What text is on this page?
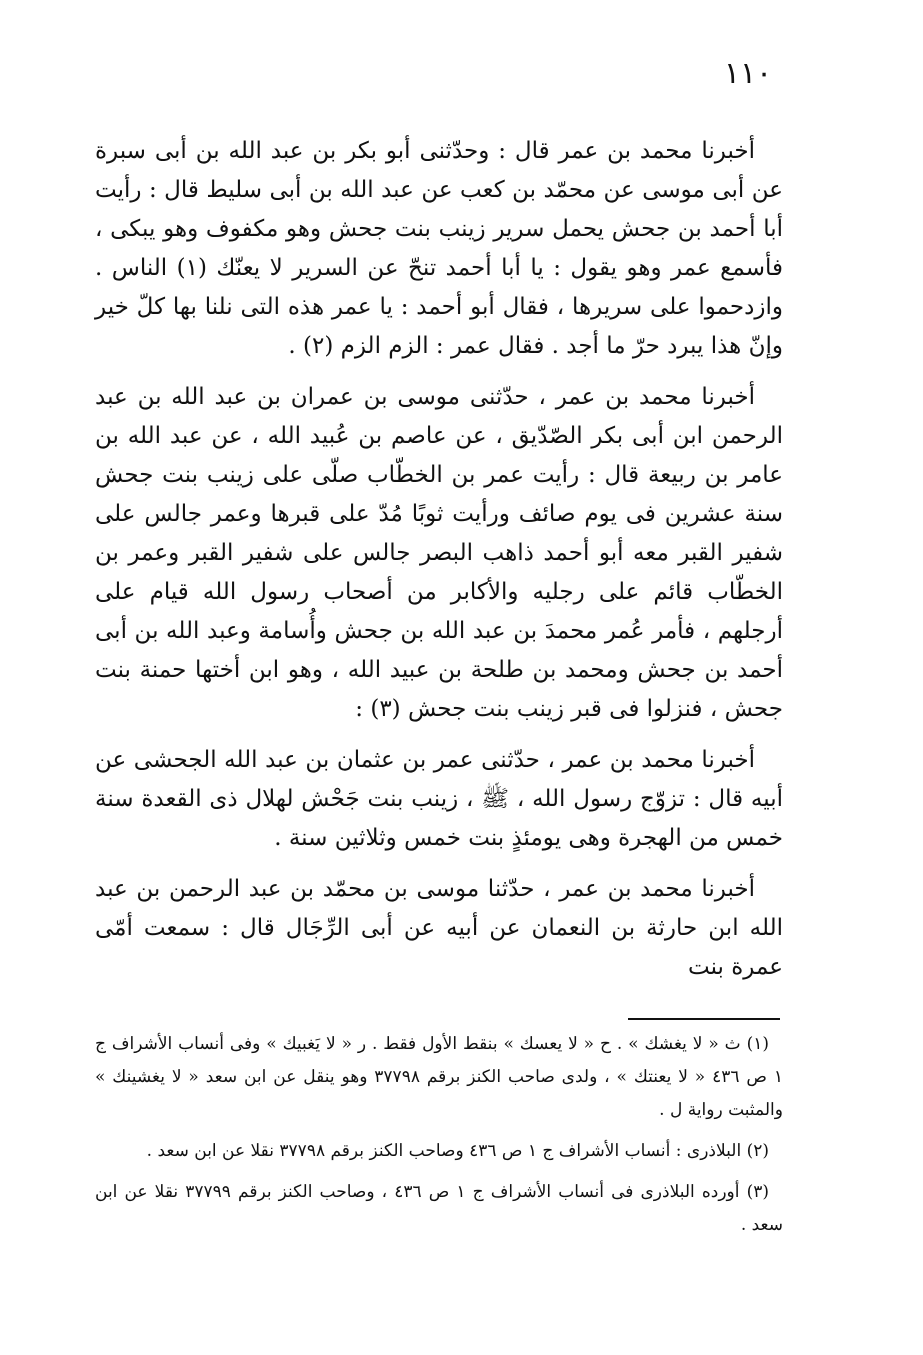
١١٠

أخبرنا محمد بن عمر قال : وحدّثنى أبو بكر بن عبد الله بن أبى سبرة عن أبى موسى عن محمّد بن كعب عن عبد الله بن أبى سليط قال : رأيت أبا أحمد بن جحش يحمل سرير زينب بنت جحش وهو مكفوف وهو يبكى ، فأسمع عمر وهو يقول : يا أبا أحمد تنحّ عن السرير لا يعنّك (١) الناس . وازدحموا على سريرها ، فقال أبو أحمد : يا عمر هذه التى نلنا بها كلّ خير وإنّ هذا يبرد حرّ ما أجد . فقال عمر : الزم الزم (٢) .

أخبرنا محمد بن عمر ، حدّثنى موسى بن عمران بن عبد الله بن عبد الرحمن ابن أبى بكر الصّدّيق ، عن عاصم بن عُبيد الله ، عن عبد الله بن عامر بن ربيعة قال : رأيت عمر بن الخطّاب صلّى على زينب بنت جحش سنة عشرين فى يوم صائف ورأيت ثوبًا مُدّ على قبرها وعمر جالس على شفير القبر معه أبو أحمد ذاهب البصر جالس على شفير القبر وعمر بن الخطّاب قائم على رجليه والأكابر من أصحاب رسول الله قيام على أرجلهم ، فأمر عُمر محمدَ بن عبد الله بن جحش وأُسامة وعبد الله بن أبى أحمد بن جحش ومحمد بن طلحة بن عبيد الله ، وهو ابن أختها حمنة بنت جحش ، فنزلوا فى قبر زينب بنت جحش (٣) :

أخبرنا محمد بن عمر ، حدّثنى عمر بن عثمان بن عبد الله الجحشى عن أبيه قال : تزوّج رسول الله ، ﷺ ، زينب بنت جَحْش لهلال ذى القعدة سنة خمس من الهجرة وهى يومئذٍ بنت خمس وثلاثين سنة .

أخبرنا محمد بن عمر ، حدّثنا موسى بن محمّد بن عبد الرحمن بن عبد الله ابن حارثة بن النعمان عن أبيه عن أبى الرِّجَال قال : سمعت أمّى عمرة بنت

(١) ث « لا يغشك » . ح « لا يعسك » بنقط الأول فقط . ر « لا يَغبيك » وفى أنساب الأشراف ج ١ ص ٤٣٦ « لا يعنتك » ، ولدى صاحب الكنز برقم ٣٧٧٩٨ وهو ينقل عن ابن سعد « لا يغشينك » والمثبت رواية ل .

(٢) البلاذرى : أنساب الأشراف ج ١ ص ٤٣٦ وصاحب الكنز برقم ٣٧٧٩٨ نقلا عن ابن سعد .

(٣) أورده البلاذرى فى أنساب الأشراف ج ١ ص ٤٣٦ ، وصاحب الكنز برقم ٣٧٧٩٩ نقلا عن ابن سعد .
